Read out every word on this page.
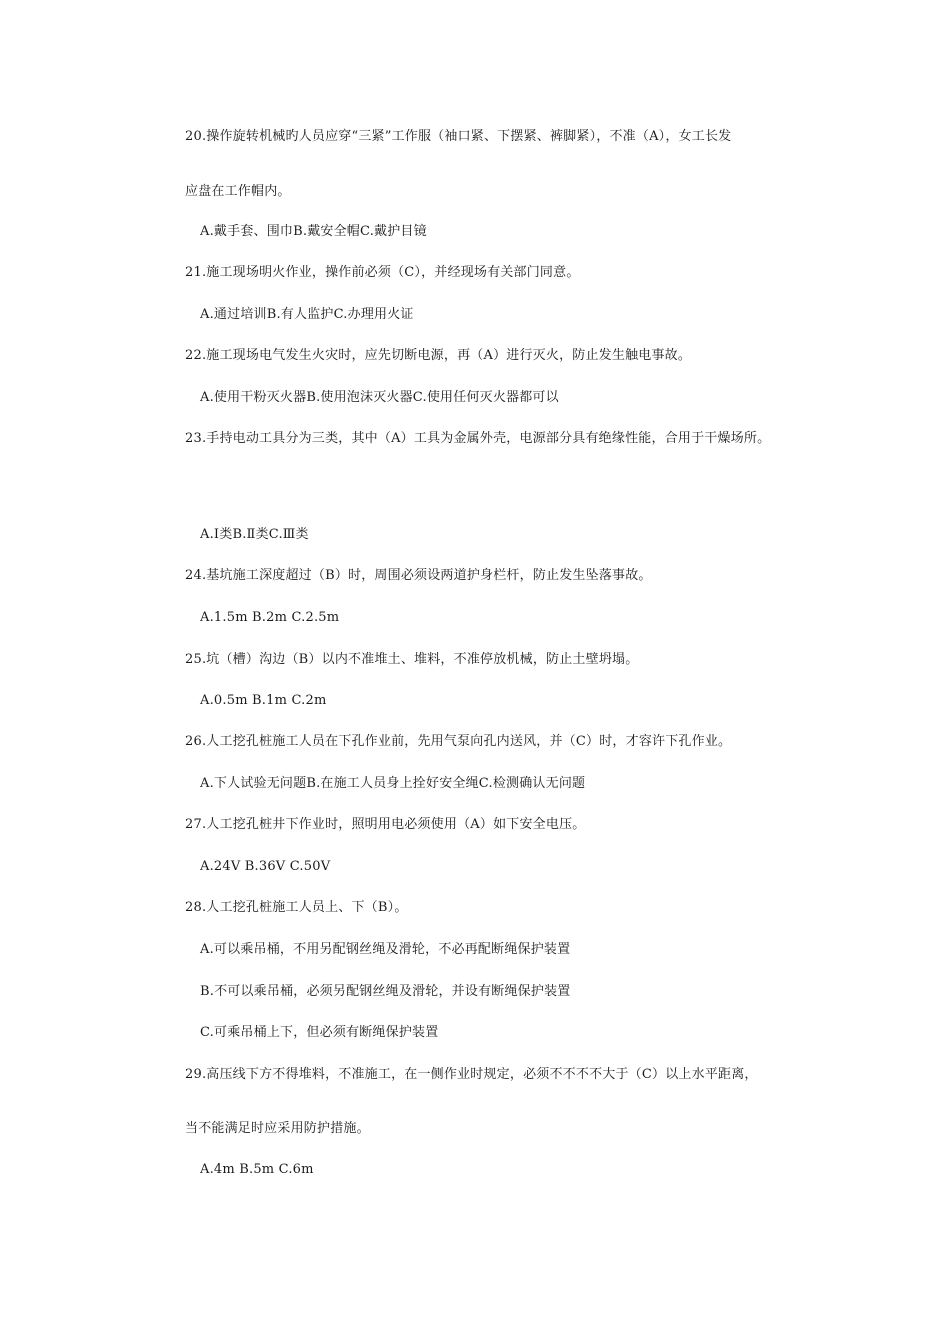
20.操作旋转机械旳人员应穿“三紧”工作服（袖口紧、下摆紧、裤脚紧），不准（A），女工长发
应盘在工作帽内。
A.戴手套、围巾B.戴安全帽C.戴护目镜
21.施工现场明火作业，操作前必须（C），并经现场有关部门同意。
A.通过培训B.有人监护C.办理用火证
22.施工现场电气发生火灾时，应先切断电源，再（A）进行灭火，防止发生触电事故。
A.使用干粉灭火器B.使用泡沫灭火器C.使用任何灭火器都可以
23.手持电动工具分为三类，其中（A）工具为金属外壳，电源部分具有绝缘性能，合用于干燥场所。
A.Ⅰ类B.Ⅱ类C.Ⅲ类
24.基坑施工深度超过（B）时，周围必须设两道护身栏杆，防止发生坠落事故。
A.1.5m B.2m C.2.5m
25.坑（槽）沟边（B）以内不准堆土、堆料，不准停放机械，防止土壁坍塌。
A.0.5m B.1m C.2m
26.人工挖孔桩施工人员在下孔作业前，先用气泵向孔内送风，并（C）时，才容许下孔作业。
A.下人试验无问题B.在施工人员身上拴好安全绳C.检测确认无问题
27.人工挖孔桩井下作业时，照明用电必须使用（A）如下安全电压。
A.24V B.36V C.50V
28.人工挖孔桩施工人员上、下（B）。
A.可以乘吊桶，不用另配钢丝绳及滑轮，不必再配断绳保护装置
B.不可以乘吊桶，必须另配钢丝绳及滑轮，并设有断绳保护装置
C.可乘吊桶上下，但必须有断绳保护装置
29.高压线下方不得堆料，不准施工，在一侧作业时规定，必须不不不不大于（C）以上水平距离，
当不能满足时应采用防护措施。
A.4m B.5m C.6m
